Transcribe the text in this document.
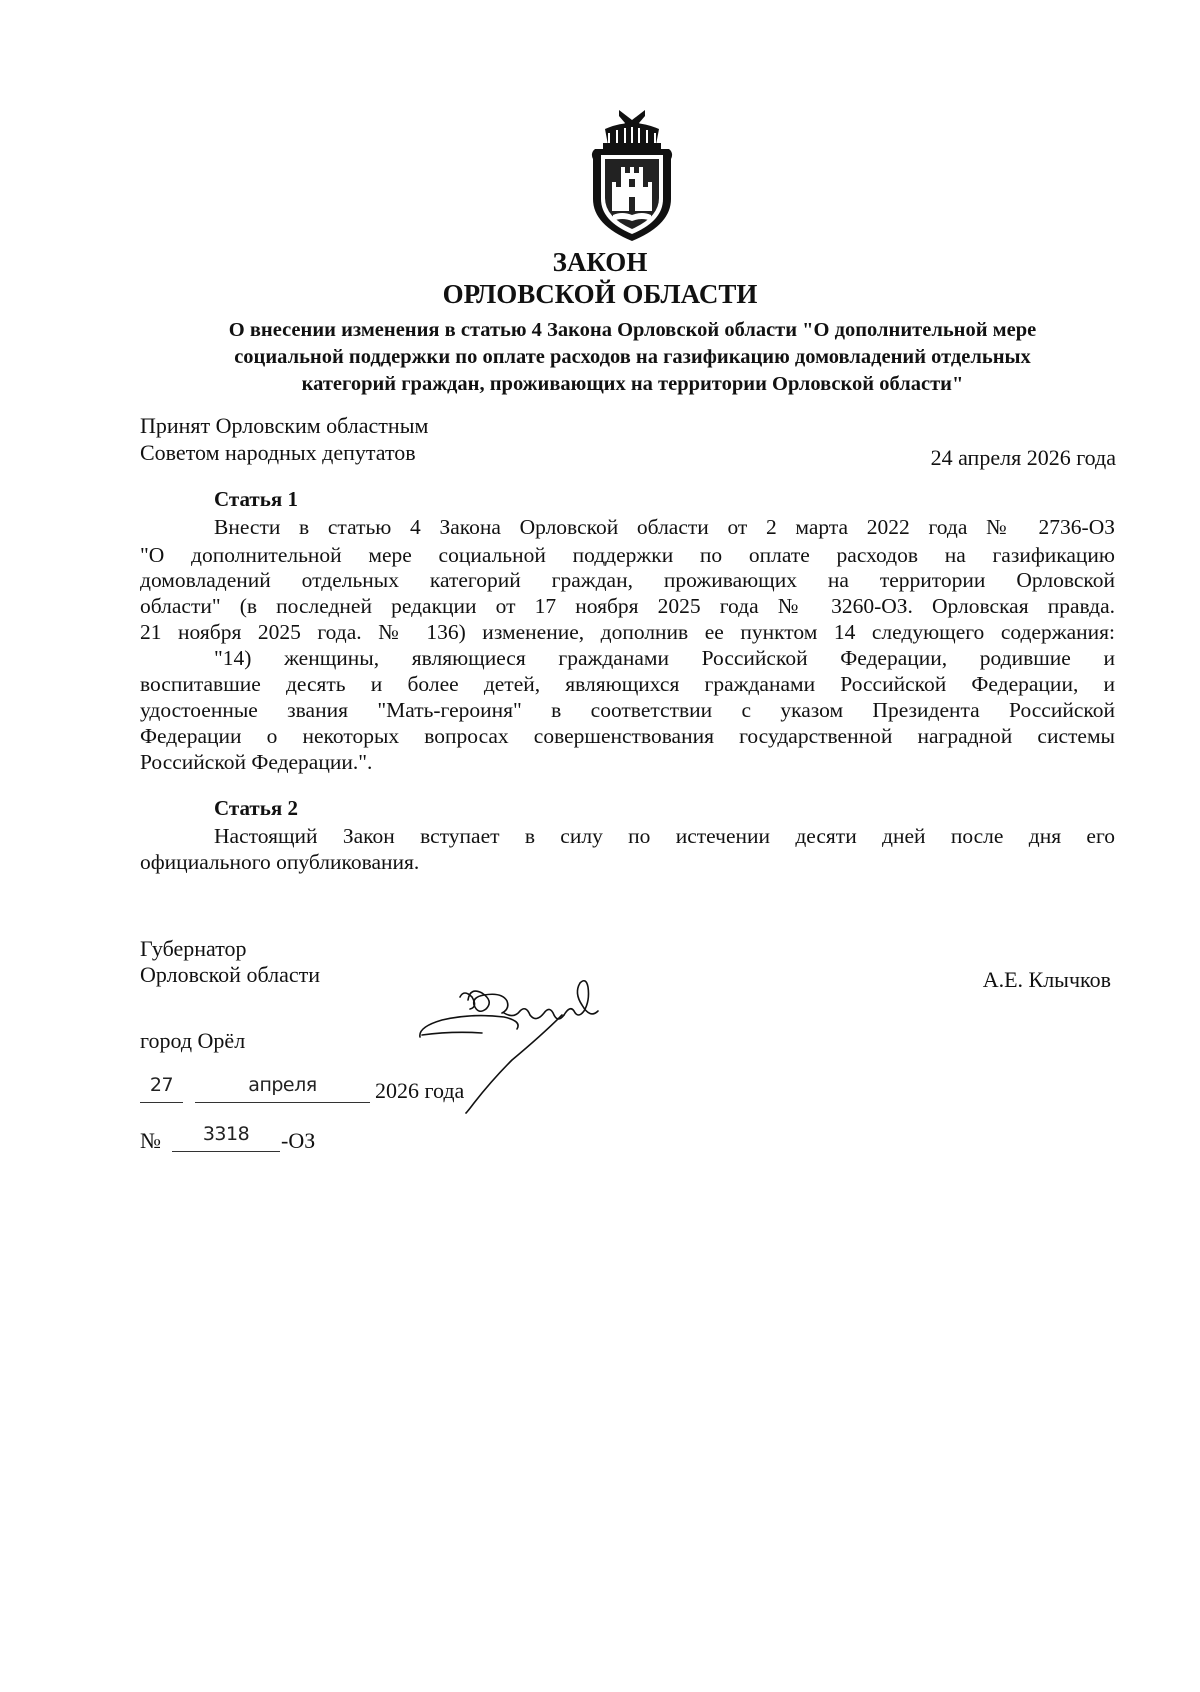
ЗАКОН
ОРЛОВСКОЙ ОБЛАСТИ
О внесении изменения в статью 4 Закона Орловской области "О дополнительной мере
социальной поддержки по оплате расходов на газификацию домовладений отдельных
категорий граждан, проживающих на территории Орловской области"
Принят Орловским областным
Советом народных депутатов	24 апреля 2026 года
Статья 1
Внести в статью 4 Закона Орловской области от 2 марта 2022 года № 2736-ОЗ
"О дополнительной мере социальной поддержки по оплате расходов на газификацию
домовладений отдельных категорий граждан, проживающих на территории Орловской
области" (в последней редакции от 17 ноября 2025 года № 3260-ОЗ. Орловская правда.
21 ноября 2025 года. № 136) изменение, дополнив ее пунктом 14 следующего содержания:
"14) женщины, являющиеся гражданами Российской Федерации, родившие и
воспитавшие десять и более детей, являющихся гражданами Российской Федерации, и
удостоенные звания "Мать-героиня" в соответствии с указом Президента Российской
Федерации о некоторых вопросах совершенствования государственной наградной системы
Российской Федерации.".
Статья 2
Настоящий Закон вступает в силу по истечении десяти дней после дня его
официального опубликования.
Губернатор
Орловской области	А.Е. Клычков
город Орёл
27	апреля	2026 года
№	3318	-ОЗ
